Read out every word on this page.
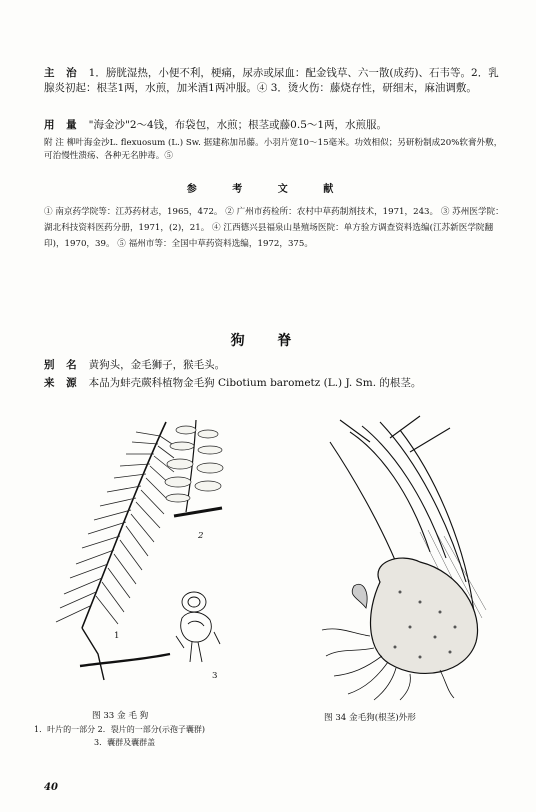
主 治 1．膀胱湿热，小便不利，梗痛，尿赤或尿血：配金钱草、六一散(成药)、石韦等。2．乳腺炎初起：根茎1两，水煎，加米酒1两冲服。④ 3．烫火伤：藤烧存性，研细末，麻油调敷。
用 量 "海金沙"2～4钱，布袋包，水煎；根茎或藤0.5～1两，水煎服。
附 注 柳叶海金沙L. flexuosum (L.) Sw. 据建称加吊藤。小羽片宽10～15毫米。功效相似；另研粉制成20%软膏外敷，可治慢性溃疡、各种无名肿毒。⑤
参 考 文 献
① 南京药学院等：江苏药材志，1965，472。 ② 广州市药检所：农村中草药制剂技术，1971，243。 ③ 苏州医学院：湖北科技资料医药分册，1971，(2)，21。 ④ 江西德兴县福泉山垦殖场医院：单方验方调查资料选编(江苏新医学院翻印)，1970，39。 ⑤ 福州市等：全国中草药资料选编，1972，375。
狗 脊
别 名 黄狗头，金毛狮子，猴毛头。
来 源 本品为蚌壳蕨科植物金毛狗 Cibotium barometz (L.) J. Sm. 的根茎。
1
2
3
图 33 金 毛 狗
1．叶片的一部分 2．裂片的一部分(示孢子囊群)
3．囊群及囊群盖
图 34 金毛狗(根茎)外形
40
